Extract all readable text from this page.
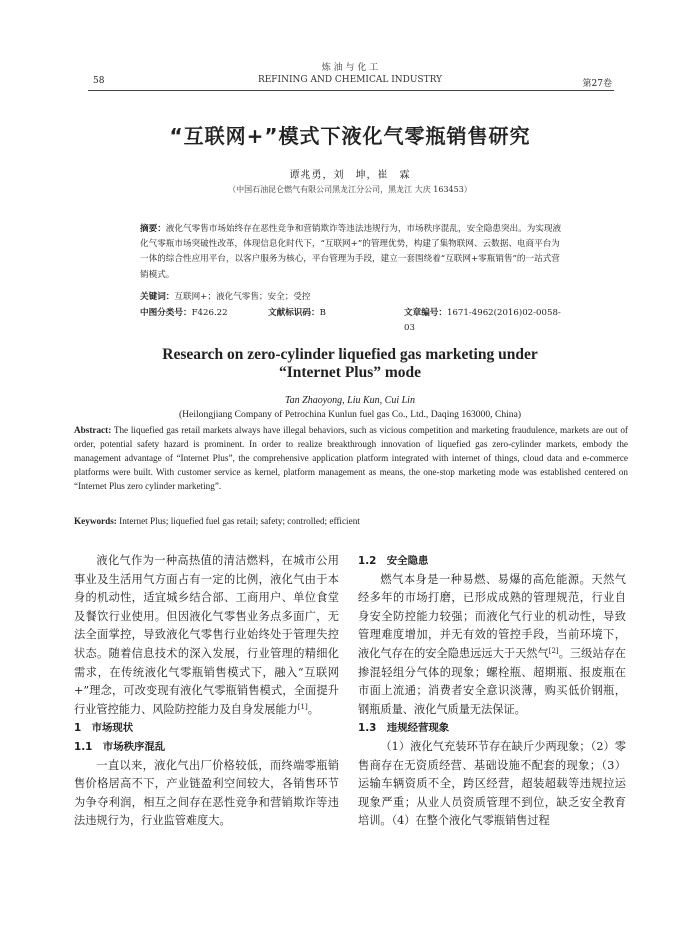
炼 油 与 化 工
REFINING AND CHEMICAL INDUSTRY
58	第27卷
“互联网+”模式下液化气零瓶销售研究
谭兆勇，刘　坤，崔　霖
（中国石油昆仑燃气有限公司黑龙江分公司，黑龙江 大庆 163453）
摘要：液化气零售市场始终存在恶性竞争和营销欺诈等违法违规行为，市场秩序混乱，安全隐患突出。为实现液化气零瓶市场突破性改革，体现信息化时代下，“互联网+”的管理优势，构建了集物联网、云数据、电商平台为一体的综合性应用平台，以客户服务为核心，平台管理为手段，建立一套围绕着“互联网+零瓶销售”的一站式营销模式。
关键词：互联网+；液化气零售；安全；受控
中图分类号：F426.22	文献标识码：B	文章编号：1671-4962(2016)02-0058-03
Research on zero-cylinder liquefied gas marketing under
“Internet Plus” mode
Tan Zhaoyong, Liu Kun, Cui Lin
(Heilongjiang Company of Petrochina Kunlun fuel gas Co., Ltd., Daqing 163000, China)
Abstract: The liquefied gas retail markets always have illegal behaviors, such as vicious competition and marketing fraudulence, markets are out of order, potential safety hazard is prominent. In order to realize breakthrough innovation of liquefied gas zero-cylinder markets, embody the management advantage of “Internet Plus”, the comprehensive application platform integrated with internet of things, cloud data and e-commerce platforms were built. With customer service as kernel, platform management as means, the one-stop marketing mode was established centered on “Internet Plus zero cylinder marketing”.
Keywords: Internet Plus; liquefied fuel gas retail; safety; controlled; efficient

液化气作为一种高热值的清洁燃料，在城市公用事业及生活用气方面占有一定的比例，液化气由于本身的机动性，适宜城乡结合部、工商用户、单位食堂及餐饮行业使用。但因液化气零售业务点多面广，无法全面掌控，导致液化气零售行业始终处于管理失控状态。随着信息技术的深入发展，行业管理的精细化需求，在传统液化气零瓶销售模式下，融入“互联网+”理念，可改变现有液化气零瓶销售模式，全面提升行业管控能力、风险防控能力及自身发展能力[1]。

1　市场现状

1.1　市场秩序混乱

一直以来，液化气出厂价格较低，而终端零瓶销售价格居高不下，产业链盈利空间较大，各销售环节为争夺利润，相互之间存在恶性竞争和营销欺诈等违法违规行为，行业监管难度大。

1.2　安全隐患

燃气本身是一种易燃、易爆的高危能源。天然气经多年的市场打磨，已形成成熟的管理规范，行业自身安全防控能力较强；而液化气行业的机动性，导致管理难度增加，并无有效的管控手段，当前环境下，液化气存在的安全隐患远远大于天然气[2]。三级站存在掺混轻组分气体的现象；螺栓瓶、超期瓶、报废瓶在市面上流通；消费者安全意识淡薄，购买低价钢瓶，钢瓶质量、液化气质量无法保证。

1.3　违规经营现象

（1）液化气充装环节存在缺斤少两现象；（2）零售商存在无资质经营、基础设施不配套的现象；（3）运输车辆资质不全，跨区经营，超装超载等违规拉运现象严重；从业人员资质管理不到位，缺乏安全教育培训。（4）在整个液化气零瓶销售过程
